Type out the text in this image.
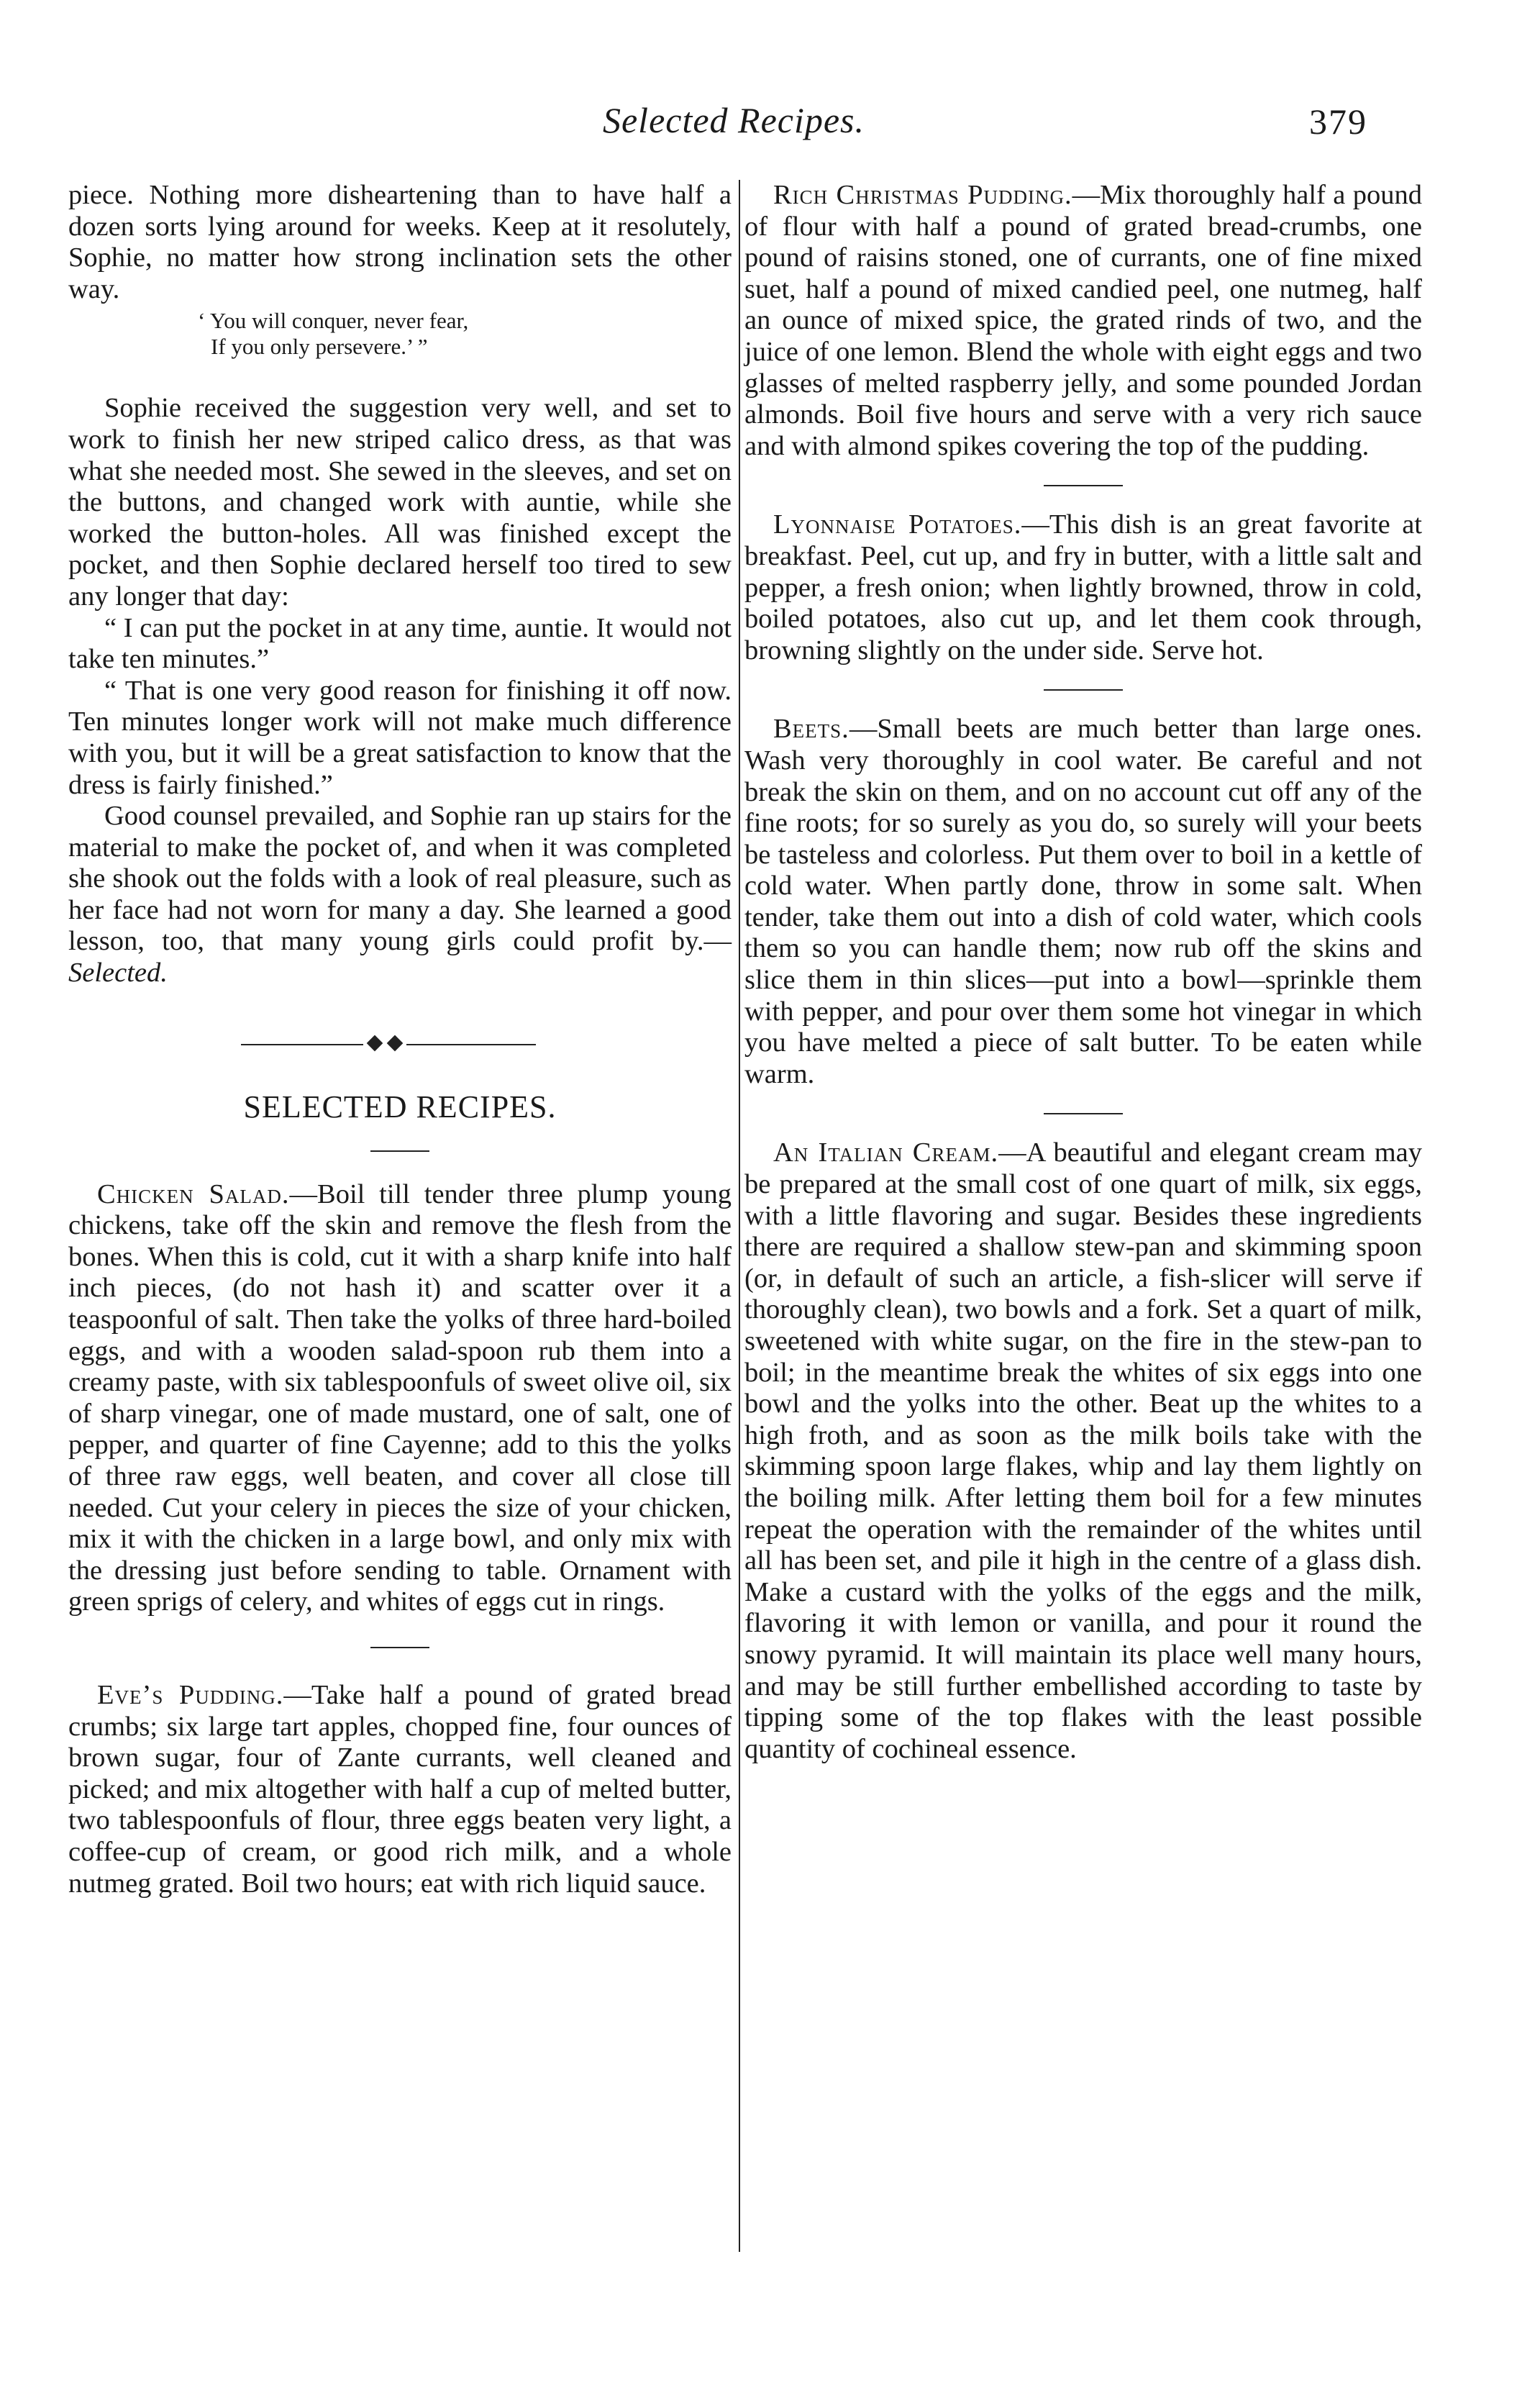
Selected Recipes.	379

piece. Nothing more disheartening than to have half a dozen sorts lying around for weeks. Keep at it resolutely, Sophie, no matter how strong inclination sets the other way.

‘ You will conquer, never fear,
If you only persevere.’ ”

Sophie received the suggestion very well, and set to work to finish her new striped calico dress, as that was what she needed most. She sewed in the sleeves, and set on the buttons, and changed work with auntie, while she worked the button-holes. All was finished except the pocket, and then Sophie declared herself too tired to sew any longer that day:

“ I can put the pocket in at any time, auntie. It would not take ten minutes.”

“ That is one very good reason for finishing it off now. Ten minutes longer work will not make much difference with you, but it will be a great satisfaction to know that the dress is fairly finished.”

Good counsel prevailed, and Sophie ran up stairs for the material to make the pocket of, and when it was completed she shook out the folds with a look of real pleasure, such as her face had not worn for many a day. She learned a good lesson, too, that many young girls could profit by.—Selected.

SELECTED RECIPES.

Chicken Salad.—Boil till tender three plump young chickens, take off the skin and remove the flesh from the bones. When this is cold, cut it with a sharp knife into half inch pieces, (do not hash it) and scatter over it a teaspoonful of salt. Then take the yolks of three hard-boiled eggs, and with a wooden salad-spoon rub them into a creamy paste, with six tablespoonfuls of sweet olive oil, six of sharp vinegar, one of made mustard, one of salt, one of pepper, and quarter of fine Cayenne; add to this the yolks of three raw eggs, well beaten, and cover all close till needed. Cut your celery in pieces the size of your chicken, mix it with the chicken in a large bowl, and only mix with the dressing just before sending to table. Ornament with green sprigs of celery, and whites of eggs cut in rings.

Eve’s Pudding.—Take half a pound of grated bread crumbs; six large tart apples, chopped fine, four ounces of brown sugar, four of Zante currants, well cleaned and picked; and mix altogether with half a cup of melted butter, two tablespoonfuls of flour, three eggs beaten very light, a coffee-cup of cream, or good rich milk, and a whole nutmeg grated. Boil two hours; eat with rich liquid sauce.

Rich Christmas Pudding.—Mix thoroughly half a pound of flour with half a pound of grated bread-crumbs, one pound of raisins stoned, one of currants, one of fine mixed suet, half a pound of mixed candied peel, one nutmeg, half an ounce of mixed spice, the grated rinds of two, and the juice of one lemon. Blend the whole with eight eggs and two glasses of melted raspberry jelly, and some pounded Jordan almonds. Boil five hours and serve with a very rich sauce and with almond spikes covering the top of the pudding.

Lyonnaise Potatoes.—This dish is an great favorite at breakfast. Peel, cut up, and fry in butter, with a little salt and pepper, a fresh onion; when lightly browned, throw in cold, boiled potatoes, also cut up, and let them cook through, browning slightly on the under side. Serve hot.

Beets.—Small beets are much better than large ones. Wash very thoroughly in cool water. Be careful and not break the skin on them, and on no account cut off any of the fine roots; for so surely as you do, so surely will your beets be tasteless and colorless. Put them over to boil in a kettle of cold water. When partly done, throw in some salt. When tender, take them out into a dish of cold water, which cools them so you can handle them; now rub off the skins and slice them in thin slices—put into a bowl—sprinkle them with pepper, and pour over them some hot vinegar in which you have melted a piece of salt butter. To be eaten while warm.

An Italian Cream.—A beautiful and elegant cream may be prepared at the small cost of one quart of milk, six eggs, with a little flavoring and sugar. Besides these ingredients there are required a shallow stew-pan and skimming spoon (or, in default of such an article, a fish-slicer will serve if thoroughly clean), two bowls and a fork. Set a quart of milk, sweetened with white sugar, on the fire in the stew-pan to boil; in the meantime break the whites of six eggs into one bowl and the yolks into the other. Beat up the whites to a high froth, and as soon as the milk boils take with the skimming spoon large flakes, whip and lay them lightly on the boiling milk. After letting them boil for a few minutes repeat the operation with the remainder of the whites until all has been set, and pile it high in the centre of a glass dish. Make a custard with the yolks of the eggs and the milk, flavoring it with lemon or vanilla, and pour it round the snowy pyramid. It will maintain its place well many hours, and may be still further embellished according to taste by tipping some of the top flakes with the least possible quantity of cochineal essence.
